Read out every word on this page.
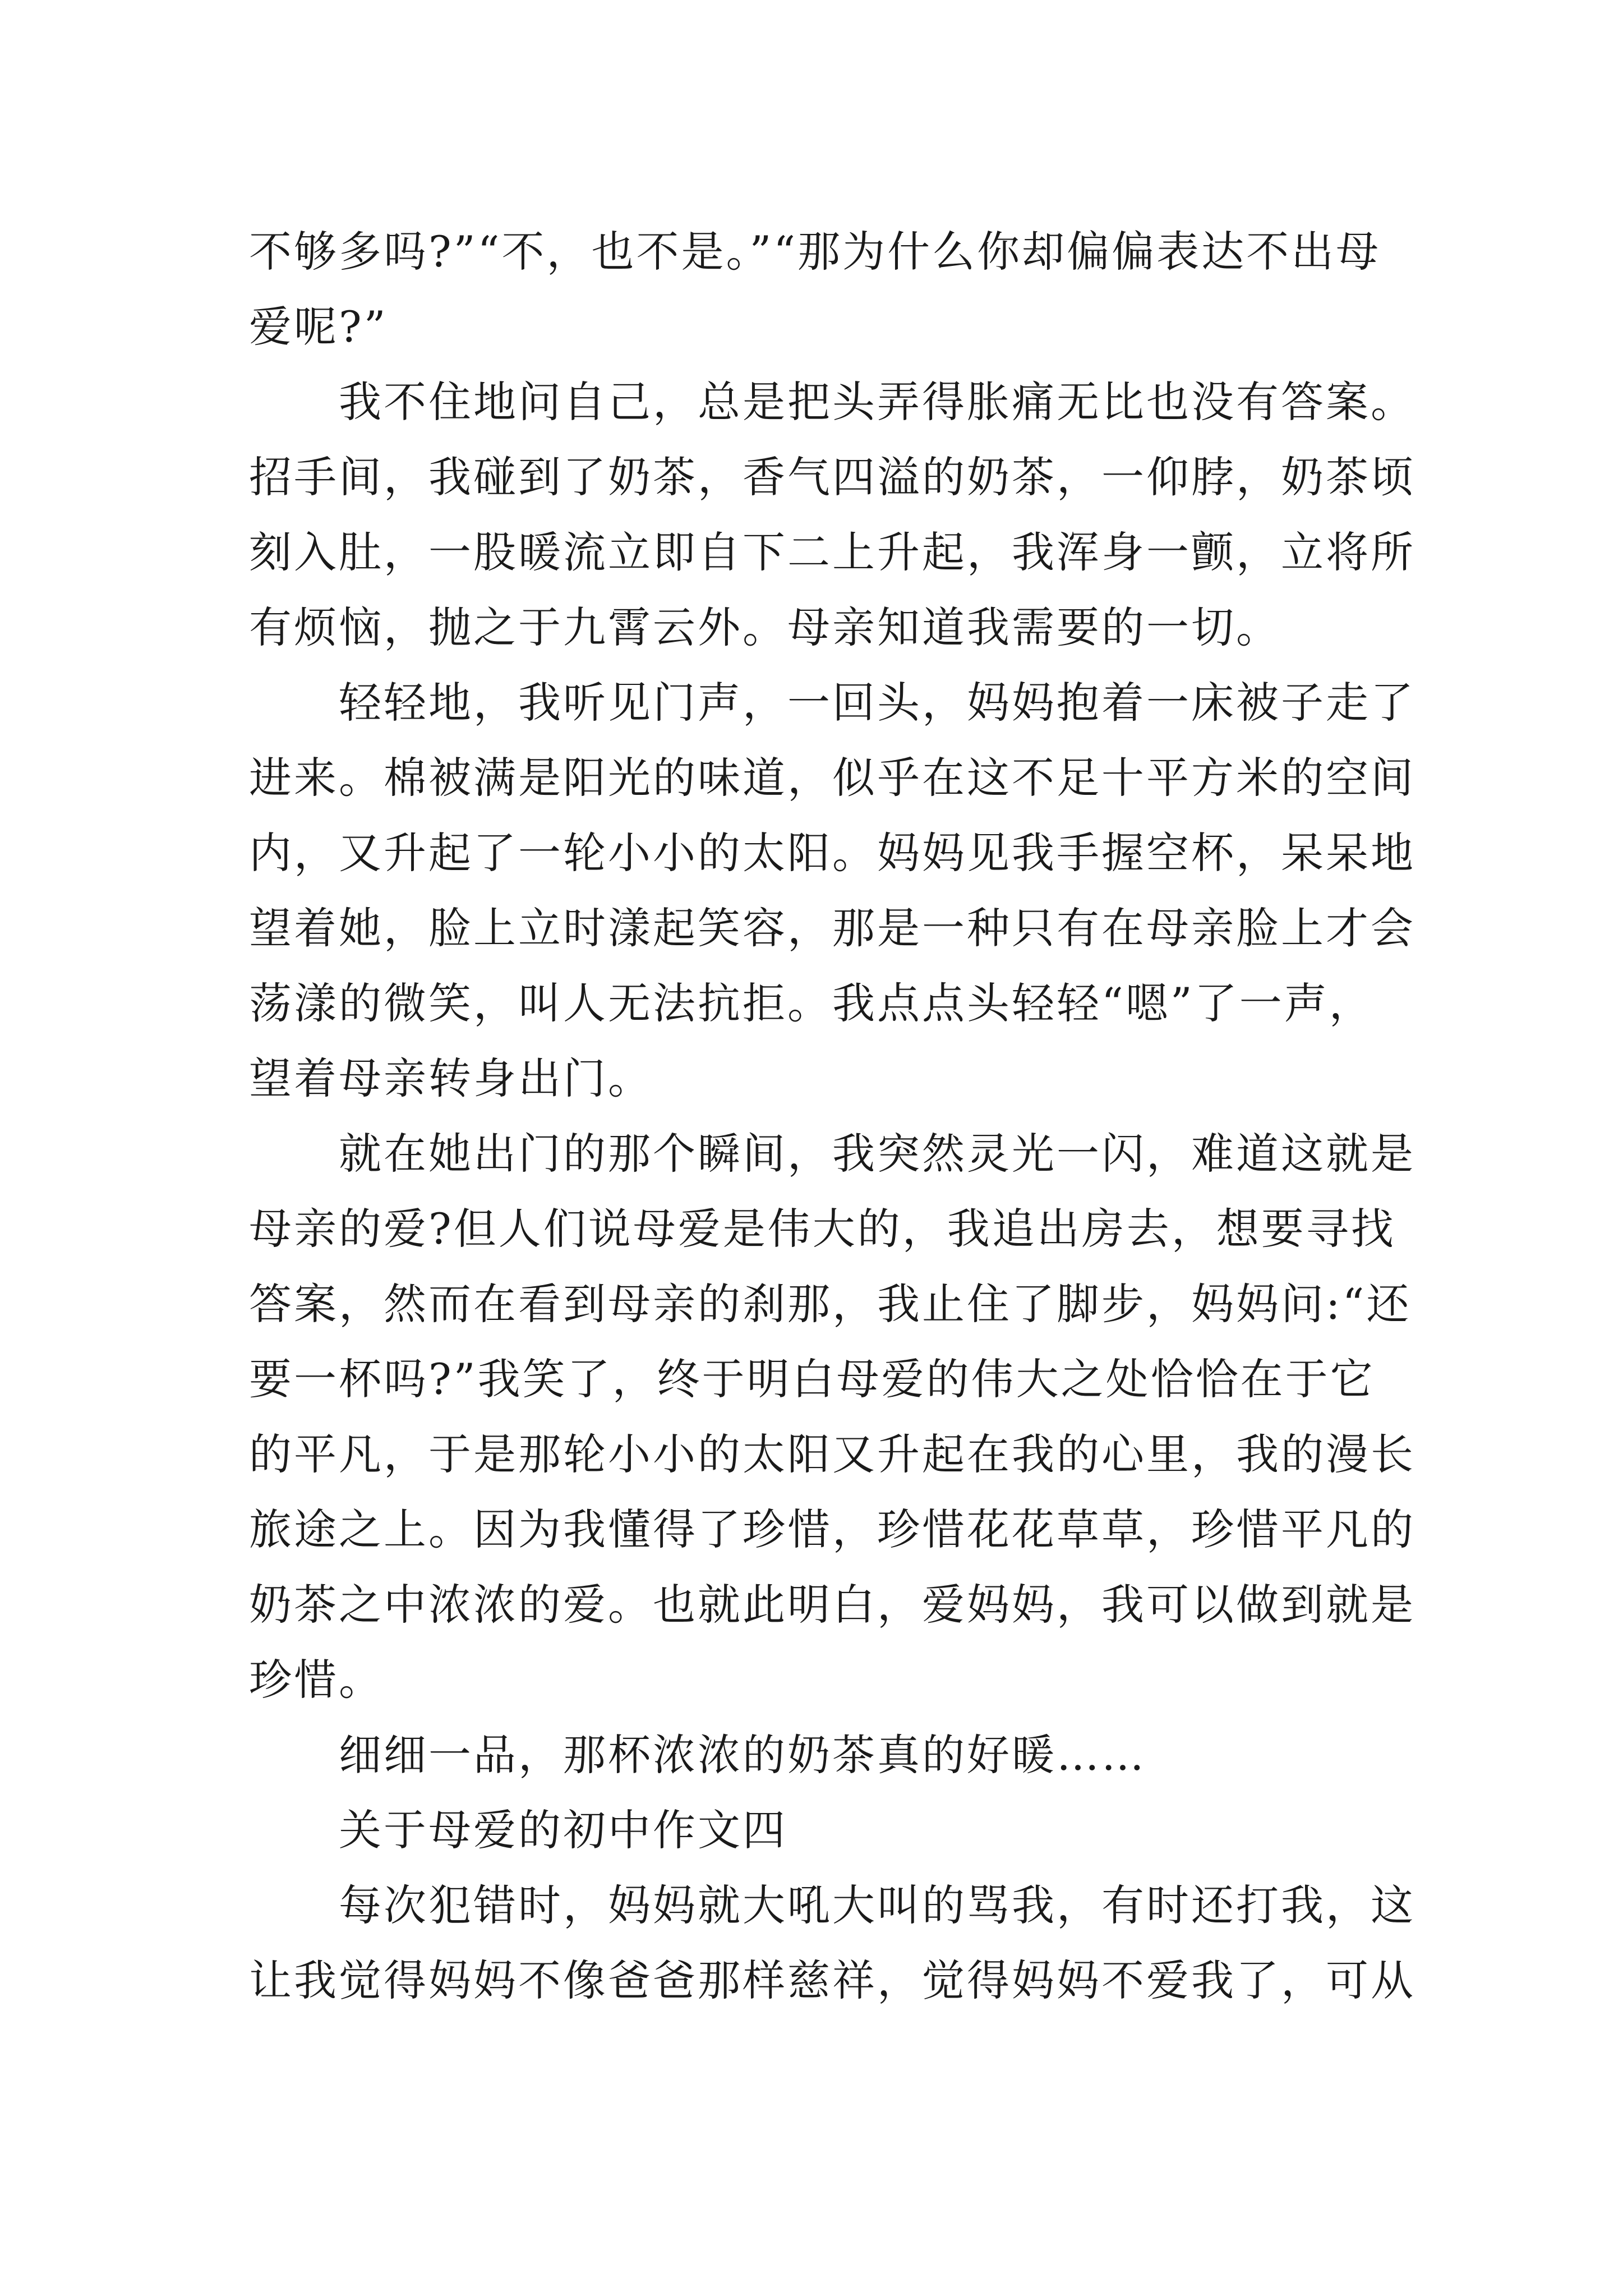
不够多吗?”“不，也不是。”“那为什么你却偏偏表达不出母
爱呢?”
我不住地问自己，总是把头弄得胀痛无比也没有答案。
招手间，我碰到了奶茶，香气四溢的奶茶，一仰脖，奶茶顷
刻入肚，一股暖流立即自下二上升起，我浑身一颤，立将所
有烦恼，抛之于九霄云外。母亲知道我需要的一切。
轻轻地，我听见门声，一回头，妈妈抱着一床被子走了
进来。棉被满是阳光的味道，似乎在这不足十平方米的空间
内，又升起了一轮小小的太阳。妈妈见我手握空杯，呆呆地
望着她，脸上立时漾起笑容，那是一种只有在母亲脸上才会
荡漾的微笑，叫人无法抗拒。我点点头轻轻“嗯”了一声，
望着母亲转身出门。
就在她出门的那个瞬间，我突然灵光一闪，难道这就是
母亲的爱?但人们说母爱是伟大的，我追出房去，想要寻找
答案，然而在看到母亲的刹那，我止住了脚步，妈妈问:“还
要一杯吗?”我笑了，终于明白母爱的伟大之处恰恰在于它
的平凡，于是那轮小小的太阳又升起在我的心里，我的漫长
旅途之上。因为我懂得了珍惜，珍惜花花草草，珍惜平凡的
奶茶之中浓浓的爱。也就此明白，爱妈妈，我可以做到就是
珍惜。
细细一品，那杯浓浓的奶茶真的好暖……
关于母爱的初中作文四
每次犯错时，妈妈就大吼大叫的骂我，有时还打我，这
让我觉得妈妈不像爸爸那样慈祥，觉得妈妈不爱我了，可从
